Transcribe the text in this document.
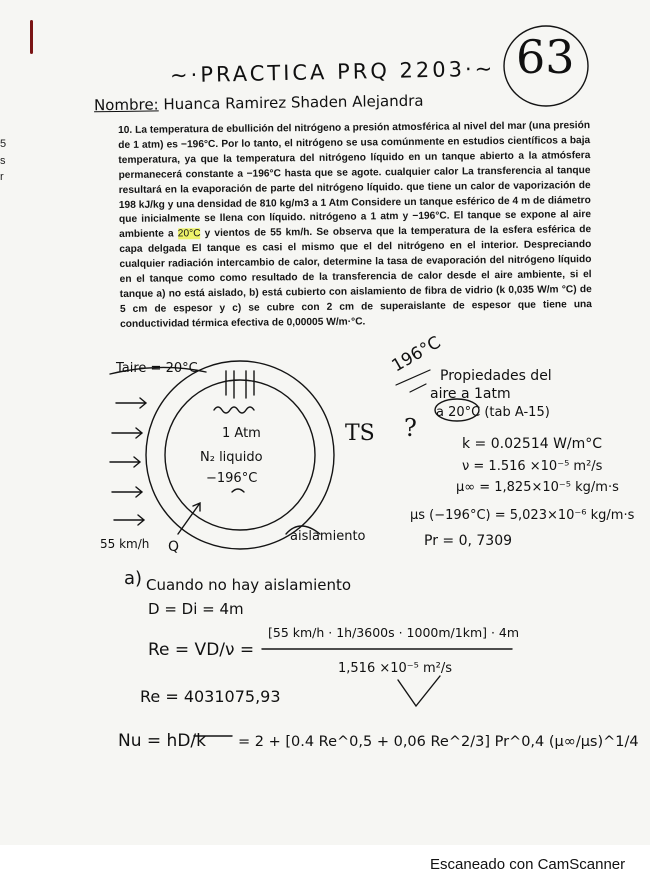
5
s
r
~·PRACTICA PRQ 2203·~ 63
Nombre: Huanca Ramirez Shaden Alejandra

10. La temperatura de ebullición del nitrógeno a presión atmosférica al nivel del mar (una presión de 1 atm) es −196°C. Por lo tanto, el nitrógeno se usa comúnmente en estudios científicos a baja temperatura, ya que la temperatura del nitrógeno líquido en un tanque abierto a la atmósfera permanecerá constante a −196°C hasta que se agote. cualquier calor La transferencia al tanque resultará en la evaporación de parte del nitrógeno líquido. que tiene un calor de vaporización de 198 kJ/kg y una densidad de 810 kg/m3 a 1 Atm Considere un tanque esférico de 4 m de diámetro que inicialmente se llena con líquido. nitrógeno a 1 atm y −196°C. El tanque se expone al aire ambiente a 20°C y vientos de 55 km/h. Se observa que la temperatura de la esfera esférica de capa delgada El tanque es casi el mismo que el del nitrógeno en el interior. Despreciando cualquier radiación intercambio de calor, determine la tasa de evaporación del nitrógeno líquido en el tanque como como resultado de la transferencia de calor desde el aire ambiente, si el tanque a) no está aislado, b) está cubierto con aislamiento de fibra de vidrio (k 0,035 W/m °C) de 5 cm de espesor y c) se cubre con 2 cm de superaislante de espesor que tiene una conductividad térmica efectiva de 0,00005 W/m·°C.

Taire = 20°C
1 Atm
N₂ liquido
−196°C
55 km/h Q
aislamiento
TS ?
196°C
Propiedades del
aire a 1atm
a 20°C (tab A-15)
k = 0.02514 W/m°C
ν = 1.516 ×10⁻⁵ m²/s
μ∞ = 1,825×10⁻⁵ kg/m·s
μs (−196°C) = 5,023×10⁻⁶ kg/m·s
Pr = 0, 7309
a) Cuando no hay aislamiento
D = Di = 4m
Re = VD/ν =
[55 km/h · 1h/3600s · 1000m/1km] · 4m
1,516 ×10⁻⁵ m²/s
Re = 4031075,93
Nu = hD/k = 2 + [0.4 Re^0,5 + 0,06 Re^2/3] Pr^0,4 (μ∞/μs)^1/4
Escaneado con CamScanner
